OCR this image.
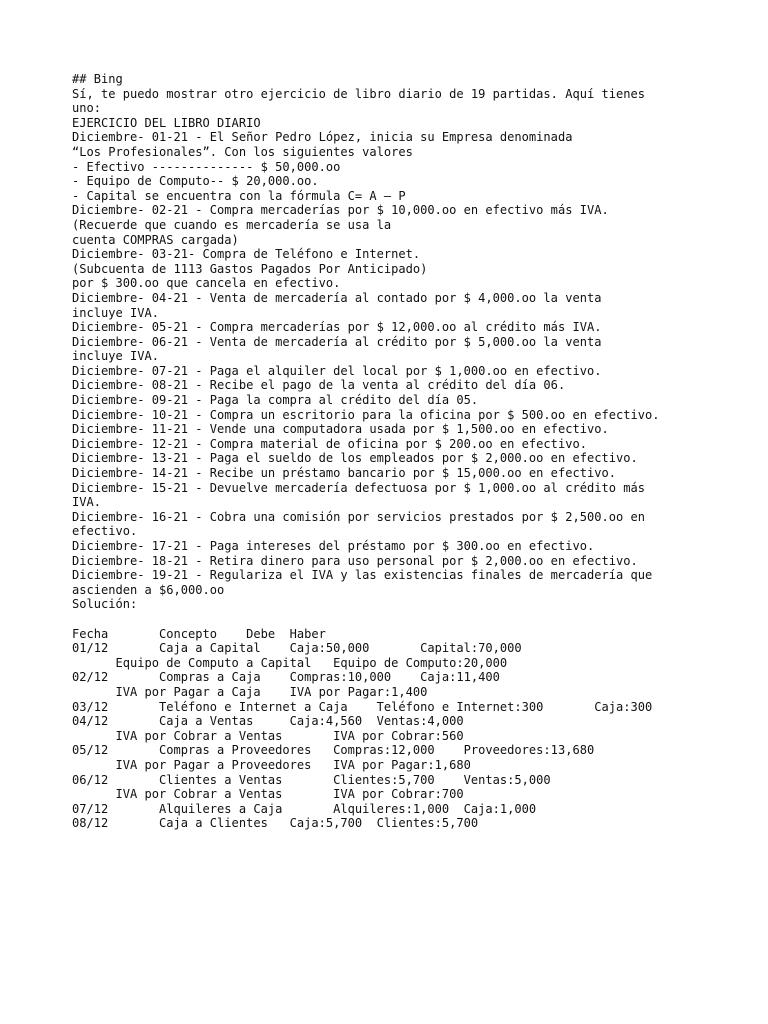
## Bing
Sí, te puedo mostrar otro ejercicio de libro diario de 19 partidas. Aquí tienes
uno:
EJERCICIO DEL LIBRO DIARIO
Diciembre- 01-21 - El Señor Pedro López, inicia su Empresa denominada
“Los Profesionales”. Con los siguientes valores
- Efectivo -------------- $ 50,000.oo
- Equipo de Computo-- $ 20,000.oo.
- Capital se encuentra con la fórmula C= A – P
Diciembre- 02-21 - Compra mercaderías por $ 10,000.oo en efectivo más IVA.
(Recuerde que cuando es mercadería se usa la
cuenta COMPRAS cargada)
Diciembre- 03-21- Compra de Teléfono e Internet.
(Subcuenta de 1113 Gastos Pagados Por Anticipado)
por $ 300.oo que cancela en efectivo.
Diciembre- 04-21 - Venta de mercadería al contado por $ 4,000.oo la venta
incluye IVA.
Diciembre- 05-21 - Compra mercaderías por $ 12,000.oo al crédito más IVA.
Diciembre- 06-21 - Venta de mercadería al crédito por $ 5,000.oo la venta
incluye IVA.
Diciembre- 07-21 - Paga el alquiler del local por $ 1,000.oo en efectivo.
Diciembre- 08-21 - Recibe el pago de la venta al crédito del día 06.
Diciembre- 09-21 - Paga la compra al crédito del día 05.
Diciembre- 10-21 - Compra un escritorio para la oficina por $ 500.oo en efectivo.
Diciembre- 11-21 - Vende una computadora usada por $ 1,500.oo en efectivo.
Diciembre- 12-21 - Compra material de oficina por $ 200.oo en efectivo.
Diciembre- 13-21 - Paga el sueldo de los empleados por $ 2,000.oo en efectivo.
Diciembre- 14-21 - Recibe un préstamo bancario por $ 15,000.oo en efectivo.
Diciembre- 15-21 - Devuelve mercadería defectuosa por $ 1,000.oo al crédito más
IVA.
Diciembre- 16-21 - Cobra una comisión por servicios prestados por $ 2,500.oo en
efectivo.
Diciembre- 17-21 - Paga intereses del préstamo por $ 300.oo en efectivo.
Diciembre- 18-21 - Retira dinero para uso personal por $ 2,000.oo en efectivo.
Diciembre- 19-21 - Regulariza el IVA y las existencias finales de mercadería que
ascienden a $6,000.oo
Solución:
Fecha       Concepto    Debe  Haber
01/12       Caja a Capital    Caja:50,000       Capital:70,000
Equipo de Computo a Capital   Equipo de Computo:20,000
02/12       Compras a Caja    Compras:10,000    Caja:11,400
IVA por Pagar a Caja    IVA por Pagar:1,400
03/12       Teléfono e Internet a Caja    Teléfono e Internet:300       Caja:300
04/12       Caja a Ventas     Caja:4,560  Ventas:4,000
IVA por Cobrar a Ventas       IVA por Cobrar:560
05/12       Compras a Proveedores   Compras:12,000    Proveedores:13,680
IVA por Pagar a Proveedores   IVA por Pagar:1,680
06/12       Clientes a Ventas       Clientes:5,700    Ventas:5,000
IVA por Cobrar a Ventas       IVA por Cobrar:700
07/12       Alquileres a Caja       Alquileres:1,000  Caja:1,000
08/12       Caja a Clientes   Caja:5,700  Clientes:5,700
